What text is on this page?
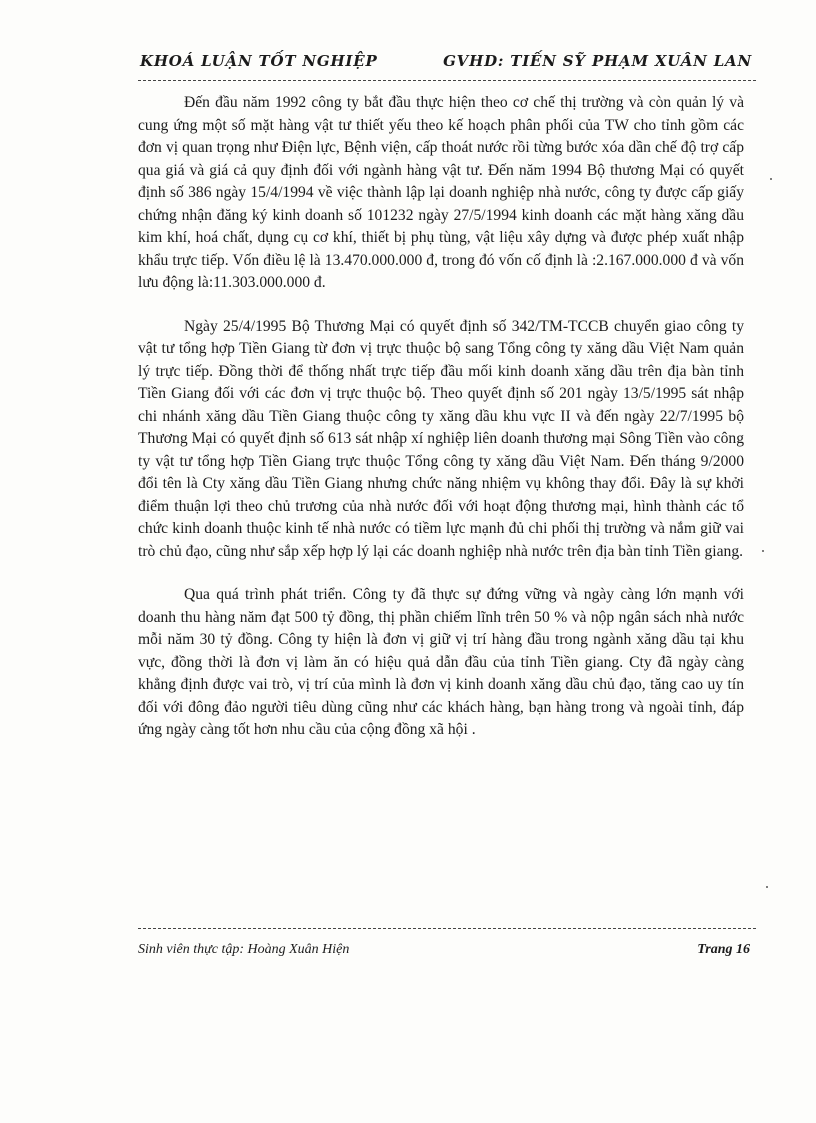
KHOÁ LUẬN TỐT NGHIỆP	GVHD: TIẾN SỸ PHẠM XUÂN LAN

Đến đầu năm 1992 công ty bắt đầu thực hiện theo cơ chế thị trường và còn quản lý và cung ứng một số mặt hàng vật tư thiết yếu theo kế hoạch phân phối của TW cho tỉnh gồm các đơn vị quan trọng như Điện lực, Bệnh viện, cấp thoát nước rồi từng bước xóa dần chế độ trợ cấp qua giá và giá cả quy định đối với ngành hàng vật tư. Đến năm 1994 Bộ thương Mại có quyết định số 386 ngày 15/4/1994 về việc thành lập lại doanh nghiệp nhà nước, công ty được cấp giấy chứng nhận đăng ký kinh doanh số 101232 ngày 27/5/1994 kinh doanh các mặt hàng xăng dầu kim khí, hoá chất, dụng cụ cơ khí, thiết bị phụ tùng, vật liệu xây dựng và được phép xuất nhập khẩu trực tiếp. Vốn điều lệ là 13.470.000.000 đ, trong đó vốn cố định là :2.167.000.000 đ và vốn lưu động là:11.303.000.000 đ.

Ngày 25/4/1995 Bộ Thương Mại có quyết định số 342/TM-TCCB chuyển giao công ty vật tư tổng hợp Tiền Giang từ đơn vị trực thuộc bộ sang Tổng công ty xăng dầu Việt Nam quản lý trực tiếp. Đồng thời để thống nhất trực tiếp đầu mối kinh doanh xăng dầu trên địa bàn tỉnh Tiền Giang đối với các đơn vị trực thuộc bộ. Theo quyết định số 201 ngày 13/5/1995 sát nhập chi nhánh xăng dầu Tiền Giang thuộc công ty xăng dầu khu vực II và đến ngày 22/7/1995 bộ Thương Mại có quyết định số 613 sát nhập xí nghiệp liên doanh thương mại Sông Tiền vào công ty vật tư tổng hợp Tiền Giang trực thuộc Tổng công ty xăng dầu Việt Nam. Đến tháng 9/2000 đổi tên là Cty xăng dầu Tiền Giang nhưng chức năng nhiệm vụ không thay đổi. Đây là sự khởi điểm thuận lợi theo chủ trương của nhà nước đối với hoạt động thương mại, hình thành các tổ chức kinh doanh thuộc kinh tế nhà nước có tiềm lực mạnh đủ chi phối thị trường và nắm giữ vai trò chủ đạo, cũng như sắp xếp hợp lý lại các doanh nghiệp nhà nước trên địa bàn tỉnh Tiền giang.

Qua quá trình phát triển. Công ty đã thực sự đứng vững và ngày càng lớn mạnh với doanh thu hàng năm đạt 500 tỷ đồng, thị phần chiếm lĩnh trên 50 % và nộp ngân sách nhà nước mỗi năm 30 tỷ đồng. Công ty hiện là đơn vị giữ vị trí hàng đầu trong ngành xăng dầu tại khu vực, đồng thời là đơn vị làm ăn có hiệu quả dẫn đầu của tỉnh Tiền giang. Cty đã ngày càng khẳng định được vai trò, vị trí của mình là đơn vị kinh doanh xăng dầu chủ đạo, tăng cao uy tín đối với đông đảo người tiêu dùng cũng như các khách hàng, bạn hàng trong và ngoài tỉnh, đáp ứng ngày càng tốt hơn nhu cầu của cộng đồng xã hội .

Sinh viên thực tập: Hoàng Xuân Hiện	Trang 16
